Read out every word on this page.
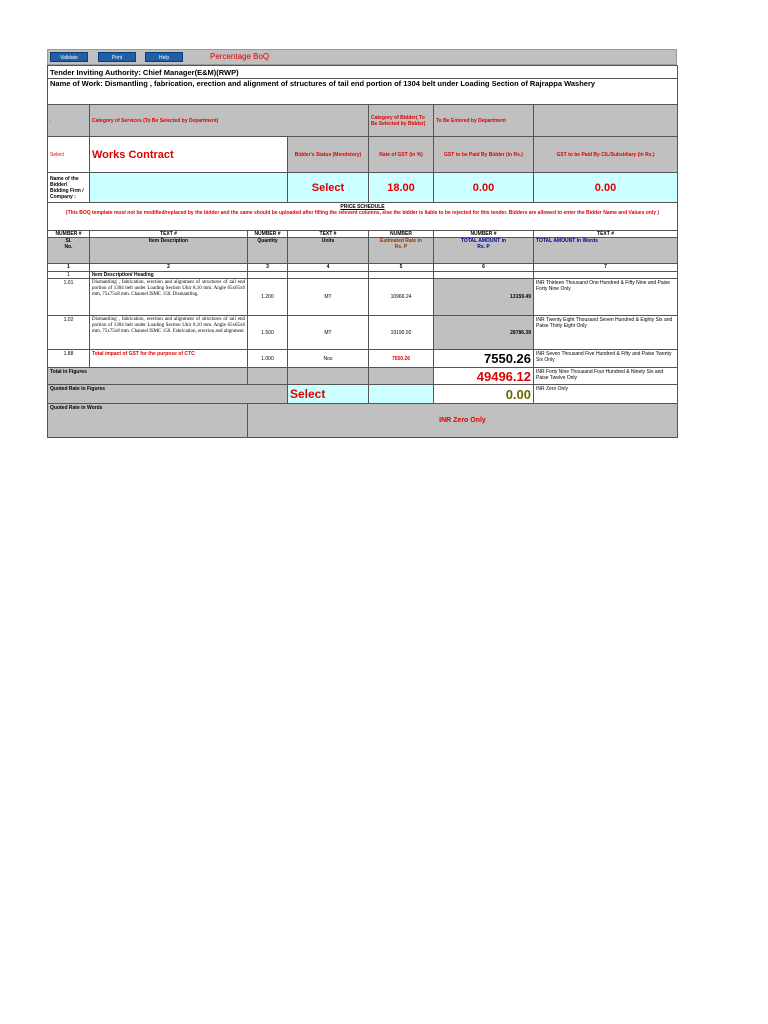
Validate	Print	Help	Percentage BoQ
Tender Inviting Authority: Chief Manager(E&M)(RWP)						
Name of Work: Dismantling , fabrication, erection and alignment of structures of tail end portion of 1304 belt under Loading Section of Rajrappa Washery						
.	Category of Services (To Be Selected by Department)			Category of Bidder( To Be Selected by Bidder)	To Be Entered by Department	
Select	Works Contract		Bidder's Status (Mendetory)	Rate of GST (in %)	GST to be Paid By Bidder (in Rs.)	GST to be Paid By CIL/Subsidiary (in Rs.)
Name of the Bidder/ Bidding Firm / Company :			Select	18.00	0.00	0.00

PRICE SCHEDULE
(This BOQ template must not be modified/replaced by the bidder and the same should be uploaded after filling the relevent columns, else the bidder is liable to be rejected for this tender. Bidders are allowed to enter the Bidder Name and Values only )						

NUMBER #	TEXT #	NUMBER #	TEXT #	NUMBER	NUMBER #	TEXT #
Sl.
No.	Item Description	Quantity	Units	Estimated Rate in
Rs. P	TOTAL AMOUNT in
Rs. P	TOTAL AMOUNT In Words
1	2	3	4	5	6	7
1	Item Description/ Heading					
1.01	Dismantling , fabrication, erection and alignment of structures of tail end portion of 1304 belt under Loading Section Ukir 8,10 mm. Angle 65x65x6 mm, 75x75x8 mm. Channel ISMC 150. Dismantling.	1.200	MT	10966.24	13159.49	INR Thirteen Thousand One Hundred & Fifty Nine and Paise Forty Nine Only
1.02	Dismantling , fabrication, erection and alignment of structures of tail end portion of 1304 belt under Loading Section Ukir 8,10 mm. Angle 65x65x6 mm, 75x75x8 mm. Channel ISMC 150. Fabrication, erection and alignment	1.500	MT	19190.92	28786.38	INR Twenty Eight Thousand Seven Hundred & Eighty Six and Paise Thirty Eight Only
1.88	Total impact of GST for the purpose of CTC	1.000	Nos	7550.26	7550.26	INR Seven Thousand Five Hundred & Fifty and Paise Twenty Six Only
Total in Figures					49496.12	INR Forty Nine Thousand Four Hundred & Ninety Six and Paise Twelve Only
Quoted Rate in Figures			Select		0.00	INR Zero Only
Quoted Rate in Words		INR Zero Only				
